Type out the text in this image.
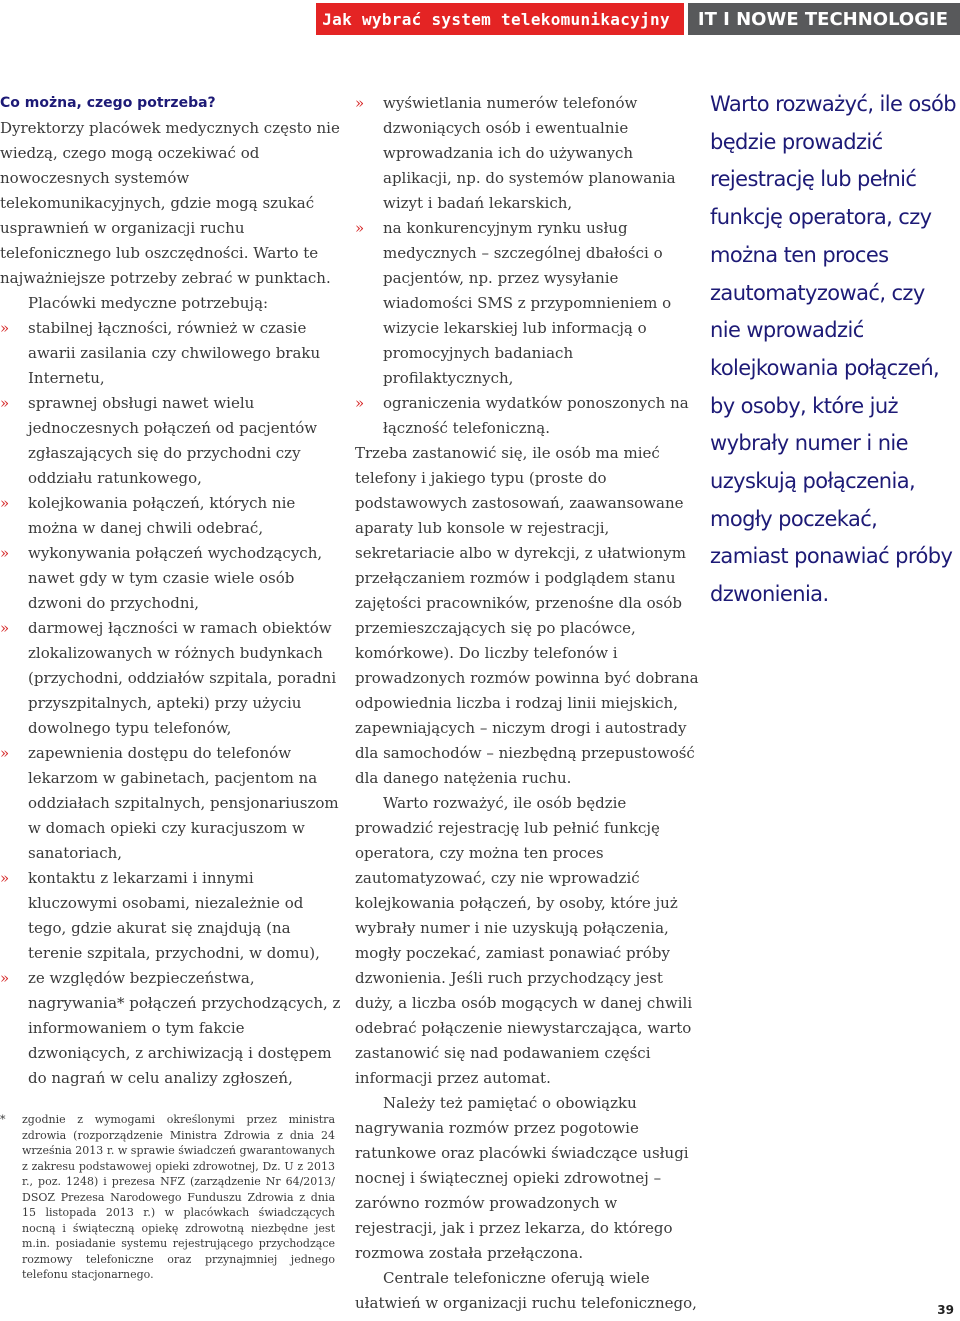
Jak wybrać system telekomunikacyjny	IT I NOWE TECHNOLOGIE

Co można, czego potrzeba?

Dyrektorzy placówek medycznych często nie wiedzą, czego mogą oczekiwać od nowoczesnych systemów telekomunikacyjnych, gdzie mogą szukać usprawnień w organizacji ruchu telefonicznego lub oszczędności. Warto te najważniejsze potrzeby zebrać w punktach.

Placówki medyczne potrzebują:

» stabilnej łączności, również w czasie awarii zasilania czy chwilowego braku Internetu,
» sprawnej obsługi nawet wielu jednoczesnych połączeń od pacjentów zgłaszających się do przychodni czy oddziału ratunkowego,
» kolejkowania połączeń, których nie można w danej chwili odebrać,
» wykonywania połączeń wychodzących, nawet gdy w tym czasie wiele osób dzwoni do przychodni,
» darmowej łączności w ramach obiektów zlokalizowanych w różnych budynkach (przychodni, oddziałów szpitala, poradni przyszpitalnych, apteki) przy użyciu dowolnego typu telefonów,
» zapewnienia dostępu do telefonów lekarzom w gabinetach, pacjentom na oddziałach szpitalnych, pensjonariuszom w domach opieki czy kuracjuszom w sanatoriach,
» kontaktu z lekarzami i innymi kluczowymi osobami, niezależnie od tego, gdzie akurat się znajdują (na terenie szpitala, przychodni, w domu),
» ze względów bezpieczeństwa, nagrywania* połączeń przychodzących, z informowaniem o tym fakcie dzwoniących, z archiwizacją i dostępem do nagrań w celu analizy zgłoszeń,
* zgodnie z wymogami określonymi przez ministra zdrowia (rozporządzenie Ministra Zdrowia z dnia 24 września 2013 r. w sprawie świadczeń gwarantowanych z zakresu podstawowej opieki zdrowotnej, Dz. U z 2013 r., poz. 1248) i prezesa NFZ (zarządzenie Nr 64/2013/ DSOZ Prezesa Narodowego Funduszu Zdrowia z dnia 15 listopada 2013 r.) w placówkach świadczących nocną i świąteczną opiekę zdrowotną niezbędne jest m.in. posiadanie systemu rejestrującego przychodzące rozmowy telefoniczne oraz przynajmniej jednego telefonu stacjonarnego.
» wyświetlania numerów telefonów dzwoniących osób i ewentualnie wprowadzania ich do używanych aplikacji, np. do systemów planowania wizyt i badań lekarskich,
» na konkurencyjnym rynku usług medycznych – szczególnej dbałości o pacjentów, np. przez wysyłanie wiadomości SMS z przypomnieniem o wizycie lekarskiej lub informacją o promocyjnych badaniach profilaktycznych,
» ograniczenia wydatków ponoszonych na łączność telefoniczną.

Trzeba zastanowić się, ile osób ma mieć telefony i jakiego typu (proste do podstawowych zastosowań, zaawansowane aparaty lub konsole w rejestracji, sekretariacie albo w dyrekcji, z ułatwionym przełączaniem rozmów i podglądem stanu zajętości pracowników, przenośne dla osób przemieszczających się po placówce, komórkowe). Do liczby telefonów i prowadzonych rozmów powinna być dobrana odpowiednia liczba i rodzaj linii miejskich, zapewniających – niczym drogi i autostrady dla samochodów – niezbędną przepustowość dla danego natężenia ruchu.

Warto rozważyć, ile osób będzie prowadzić rejestrację lub pełnić funkcję operatora, czy można ten proces zautomatyzować, czy nie wprowadzić kolejkowania połączeń, by osoby, które już wybrały numer i nie uzyskują połączenia, mogły poczekać, zamiast ponawiać próby dzwonienia. Jeśli ruch przychodzący jest duży, a liczba osób mogących w danej chwili odebrać połączenie niewystarczająca, warto zastanowić się nad podawaniem części informacji przez automat.

Należy też pamiętać o obowiązku nagrywania rozmów przez pogotowie ratunkowe oraz placówki świadczące usługi nocnej i świątecznej opieki zdrowotnej – zarówno rozmów prowadzonych w rejestracji, jak i przez lekarza, do którego rozmowa została przełączona.

Centrale telefoniczne oferują wiele ułatwień w organizacji ruchu telefonicznego,

Warto rozważyć, ile osób będzie prowadzić rejestrację lub pełnić funkcję operatora, czy można ten proces zautomatyzować, czy nie wprowadzić kolejkowania połączeń, by osoby, które już wybrały numer i nie uzyskują połączenia, mogły poczekać, zamiast ponawiać próby dzwonienia.
39
